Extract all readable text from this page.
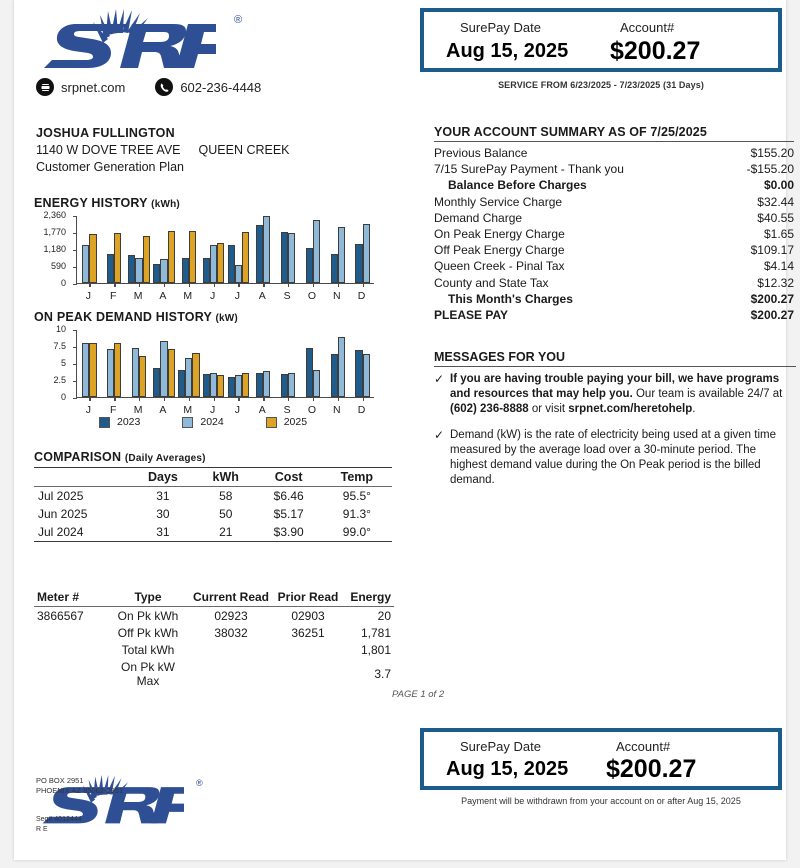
®
srpnet.com	602-236-4448
JOSHUA FULLINGTON
1140 W DOVE TREE AVE QUEEN CREEK
Customer Generation Plan
ENERGY HISTORY (kWh)
0
590
1,180
1,770
2,360
J	F	M	A	M	J	J	A	S	O	N	D
ON PEAK DEMAND HISTORY (kW)
0
2.5
5
7.5
10
J	F	M	A	M	J	J	A	S	O	N	D
2023	2024	2025
COMPARISON (Daily Averages)
	Days	kWh	Cost	Temp
Jul 2025	31	58	$6.46	95.5°
Jun 2025	30	50	$5.17	91.3°
Jul 2024	31	21	$3.90	99.0°

Meter #	Type	Current Read	Prior Read	Energy
3866567	On Pk kWh	02923	02903	20
	Off Pk kWh	38032	36251	1,781
	Total kWh			1,801
	On Pk kW Max			3.7
SurePay Date
Aug 15, 2025
Account#
$200.27
SERVICE FROM 6/23/2025 - 7/23/2025 (31 Days)
YOUR ACCOUNT SUMMARY AS OF 7/25/2025
Previous Balance	$155.20
7/15 SurePay Payment - Thank you	-$155.20
Balance Before Charges	$0.00
Monthly Service Charge	$32.44
Demand Charge	$40.55
On Peak Energy Charge	$1.65
Off Peak Energy Charge	$109.17
Queen Creek - Pinal Tax	$4.14
County and State Tax	$12.32
This Month's Charges	$200.27
PLEASE PAY	$200.27
MESSAGES FOR YOU
✓ If you are having trouble paying your bill, we have programs and resources that may help you. Our team is available 24/7 at (602) 236-8888 or visit srpnet.com/heretohelp.
✓ Demand (kW) is the rate of electricity being used at a given time measured by the average load over a 30-minute period. The highest demand value during the On Peak period is the billed demand.
PAGE 1 of 2
®
PO BOX 2951
PHOENIX AZ 85062-2951
Seq# 4012444
R E
SurePay Date
Aug 15, 2025
Account#
$200.27
Payment will be withdrawn from your account on or after Aug 15, 2025
